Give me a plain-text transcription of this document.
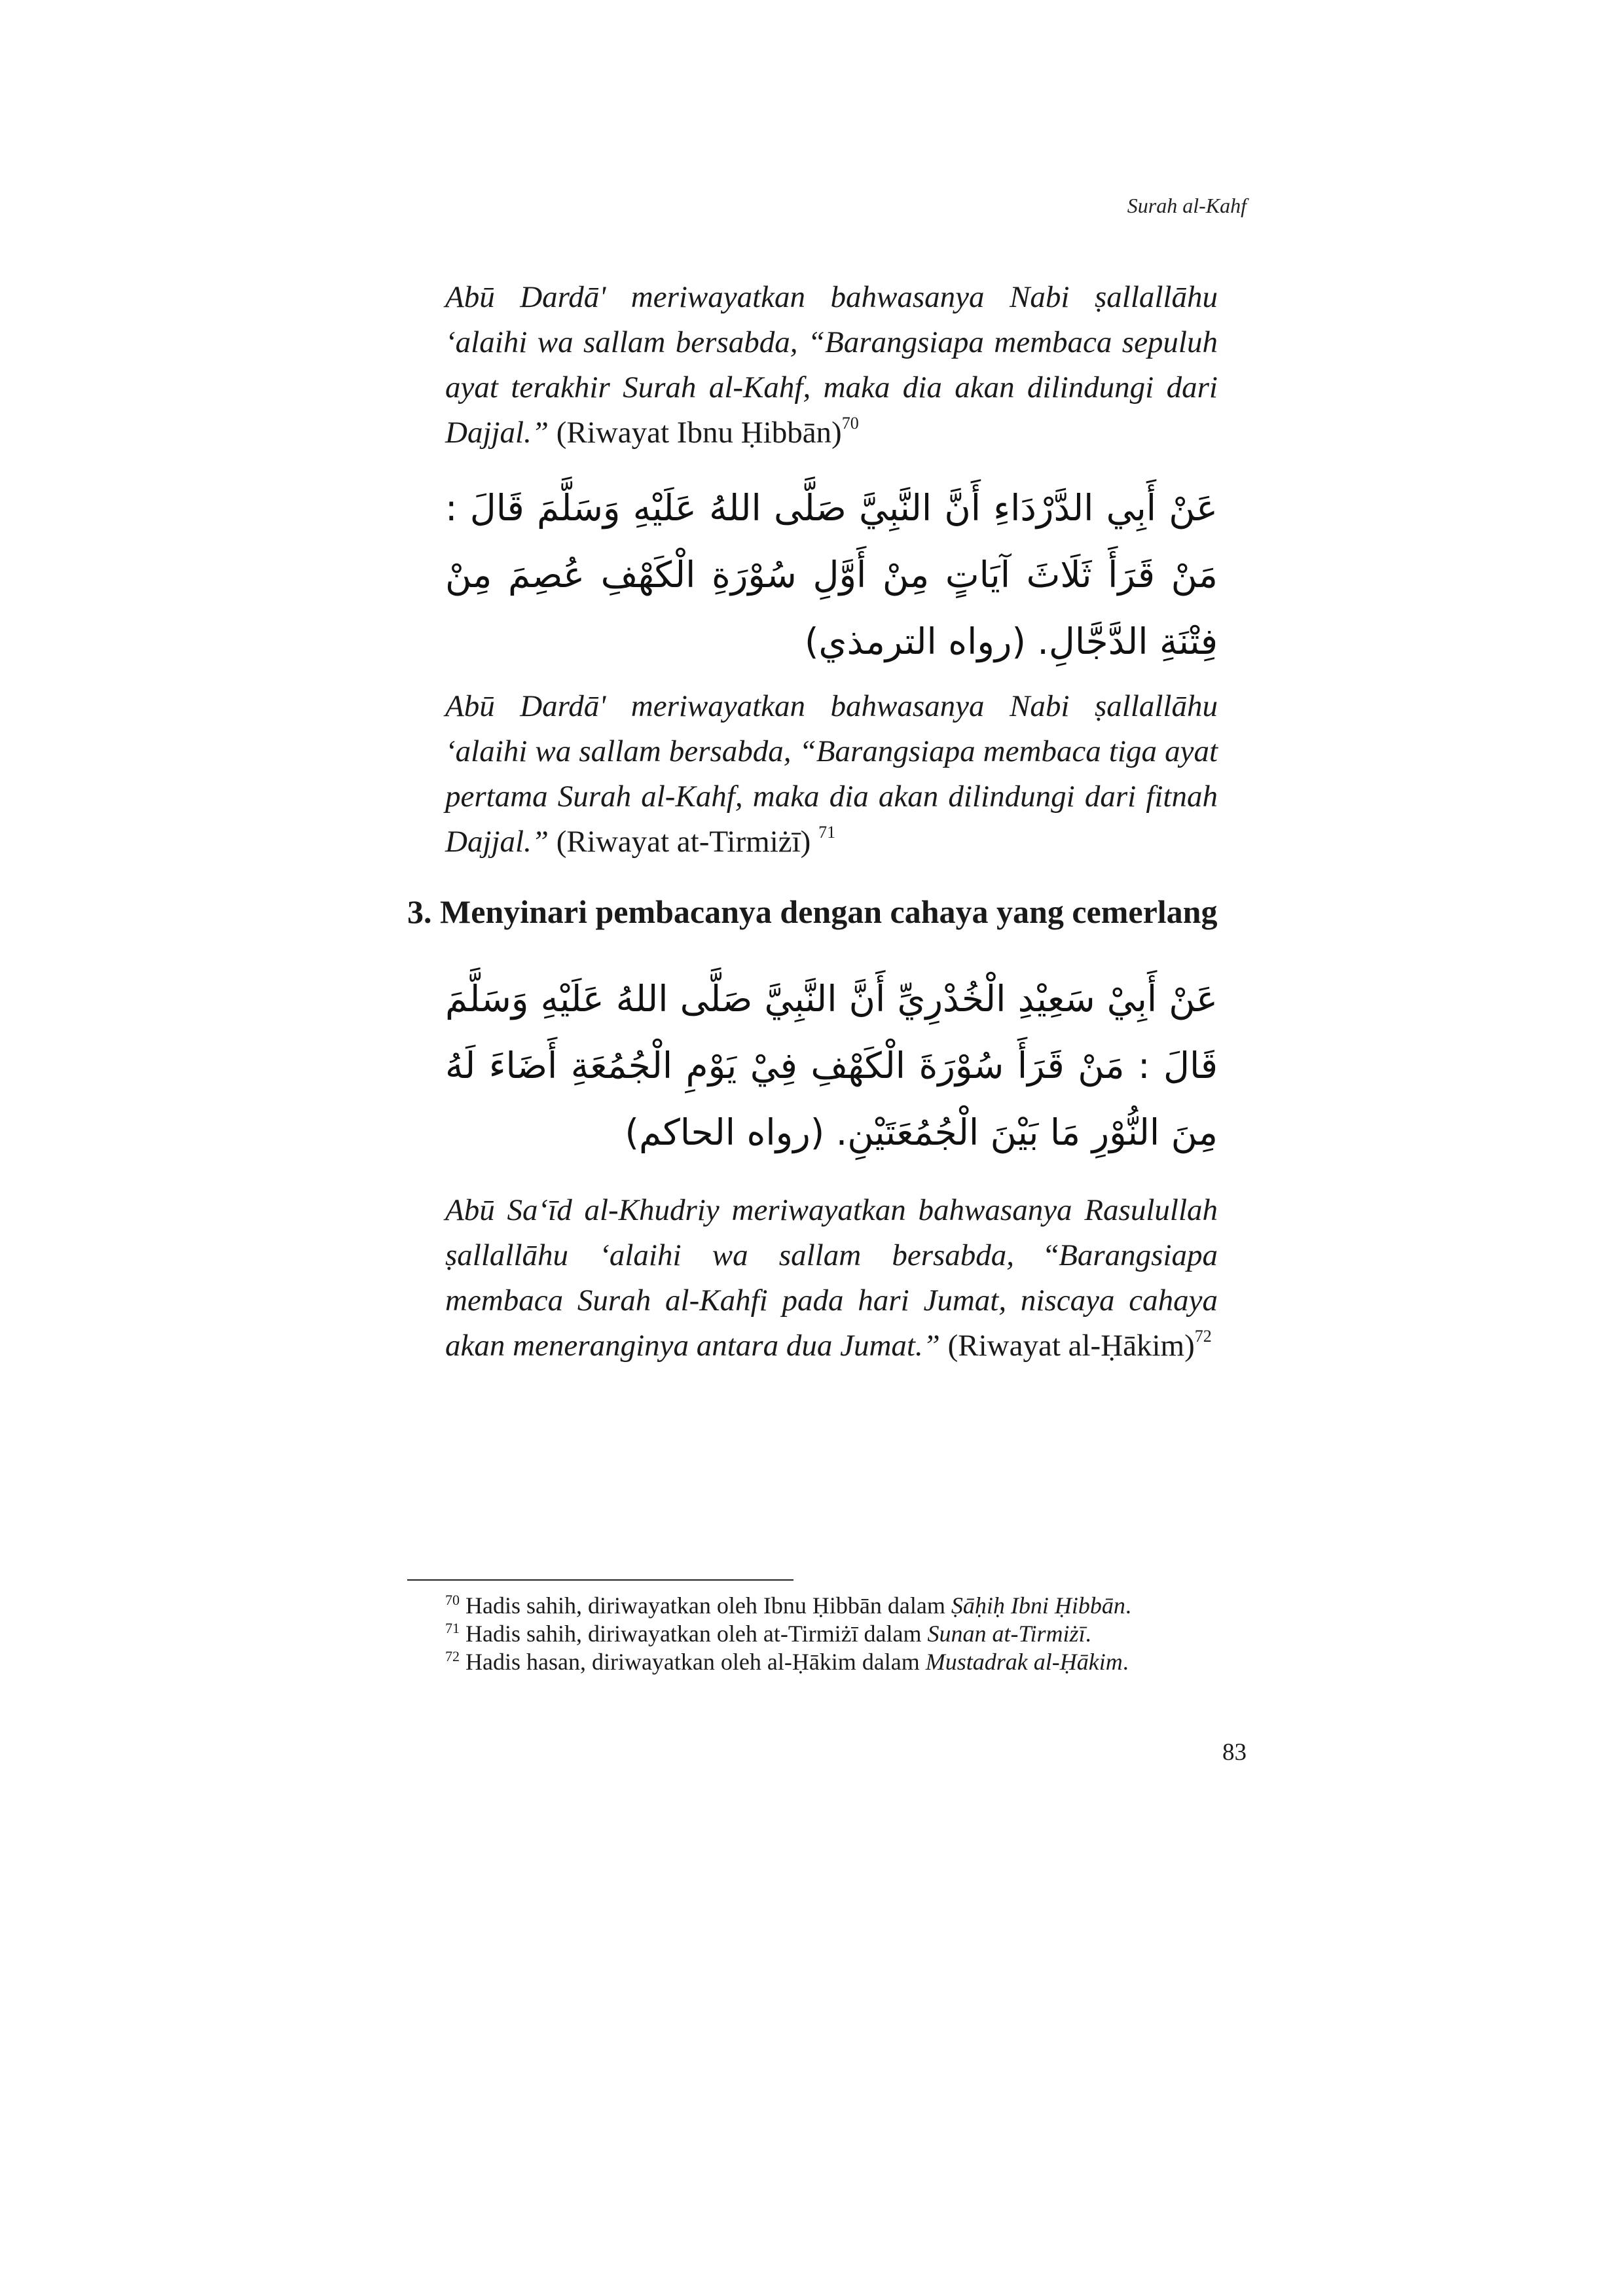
Surah al-Kahf

Abū Dardā' meriwayatkan bahwasanya Nabi ṣallallāhu ‘alaihi wa sallam bersabda, “Barangsiapa membaca sepuluh ayat terakhir Surah al-Kahf, maka dia akan dilindungi dari Dajjal.” (Riwayat Ibnu Ḥibbān)$^{70}$

عَنْ أَبِي الدَّرْدَاءِ أَنَّ النَّبِيَّ صَلَّى اللهُ عَلَيْهِ وَسَلَّمَ قَالَ : مَنْ قَرَأَ ثَلَاثَ آيَاتٍ مِنْ أَوَّلِ سُوْرَةِ الْكَهْفِ عُصِمَ مِنْ فِتْنَةِ الدَّجَّالِ. (رواه الترمذي)

Abū Dardā' meriwayatkan bahwasanya Nabi ṣallallāhu ‘alaihi wa sallam bersabda, “Barangsiapa membaca tiga ayat pertama Surah al-Kahf, maka dia akan dilindungi dari fitnah Dajjal.” (Riwayat at-Tirmiżī) $^{71}$

3. Menyinari pembacanya dengan cahaya yang cemerlang

عَنْ أَبِيْ سَعِيْدِ الْخُدْرِيِّ أَنَّ النَّبِيَّ صَلَّى اللهُ عَلَيْهِ وَسَلَّمَ قَالَ : مَنْ قَرَأَ سُوْرَةَ الْكَهْفِ فِيْ يَوْمِ الْجُمُعَةِ أَضَاءَ لَهُ مِنَ النُّوْرِ مَا بَيْنَ الْجُمُعَتَيْنِ. (رواه الحاكم)

Abū Sa‘īd al-Khudriy meriwayatkan bahwasanya Rasulullah ṣallallāhu ‘alaihi wa sallam bersabda, “Barangsiapa membaca Surah al-Kahfi pada hari Jumat, niscaya cahaya akan meneranginya antara dua Jumat.” (Riwayat al-Ḥākim)$^{72}$

$^{70}$ Hadis sahih, diriwayatkan oleh Ibnu Ḥibbān dalam Ṣāḥiḥ Ibni Ḥibbān.

$^{71}$ Hadis sahih, diriwayatkan oleh at-Tirmiżī dalam Sunan at-Tirmiżī.

$^{72}$ Hadis hasan, diriwayatkan oleh al-Ḥākim dalam Mustadrak al-Ḥākim.

83
